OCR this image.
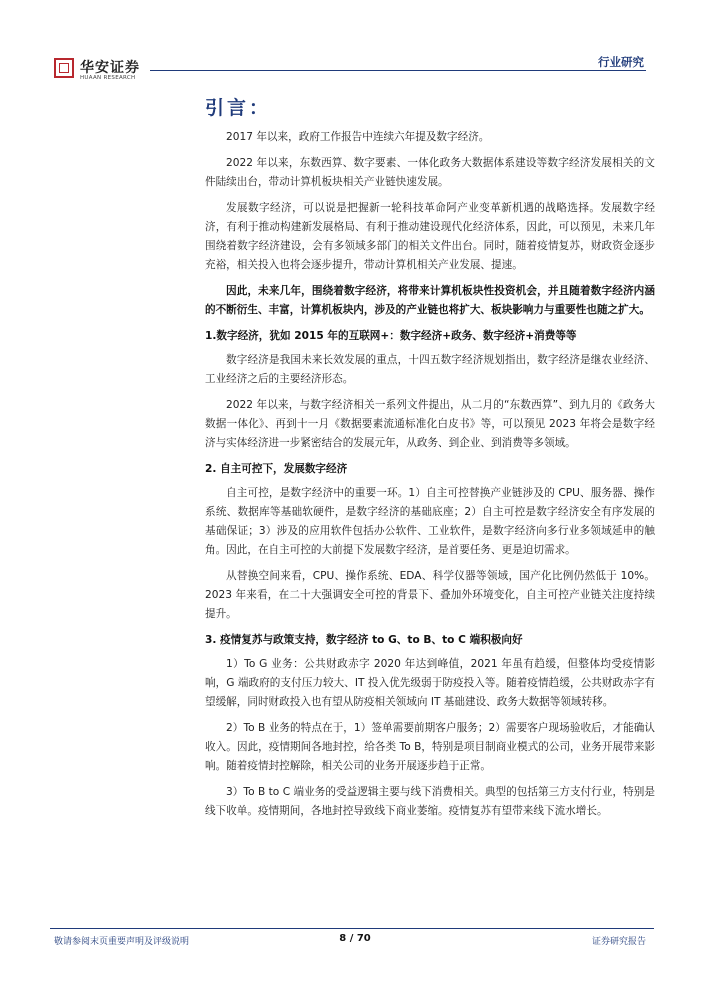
华安证券
HUAAN RESEARCH
行业研究
引言：

2017 年以来，政府工作报告中连续六年提及数字经济。

2022 年以来，东数西算、数字要素、一体化政务大数据体系建设等数字经济发展相关的文件陆续出台，带动计算机板块相关产业链快速发展。

发展数字经济，可以说是把握新一轮科技革命阿产业变革新机遇的战略选择。发展数字经济，有利于推动构建新发展格局、有利于推动建设现代化经济体系，因此，可以预见，未来几年围绕着数字经济建设，会有多领域多部门的相关文件出台。同时，随着疫情复苏，财政资金逐步充裕，相关投入也将会逐步提升，带动计算机相关产业发展、提速。

因此，未来几年，围绕着数字经济，将带来计算机板块性投资机会，并且随着数字经济内涵的不断衍生、丰富，计算机板块内，涉及的产业链也将扩大、板块影响力与重要性也随之扩大。

1.数字经济，犹如 2015 年的互联网+：数字经济+政务、数字经济+消费等等

数字经济是我国未来长效发展的重点，十四五数字经济规划指出，数字经济是继农业经济、工业经济之后的主要经济形态。

2022 年以来，与数字经济相关一系列文件提出，从二月的“东数西算”、到九月的《政务大数据一体化》、再到十一月《数据要素流通标准化白皮书》等，可以预见 2023 年将会是数字经济与实体经济进一步紧密结合的发展元年，从政务、到企业、到消费等多领域。

2. 自主可控下，发展数字经济

自主可控，是数字经济中的重要一环。1）自主可控替换产业链涉及的 CPU、服务器、操作系统、数据库等基础软硬件，是数字经济的基础底座；2）自主可控是数字经济安全有序发展的基础保证；3）涉及的应用软件包括办公软件、工业软件，是数字经济向多行业多领域延申的触角。因此，在自主可控的大前提下发展数字经济，是首要任务、更是迫切需求。

从替换空间来看，CPU、操作系统、EDA、科学仪器等领域，国产化比例仍然低于 10%。2023 年来看，在二十大强调安全可控的背景下、叠加外环境变化，自主可控产业链关注度持续提升。

3. 疫情复苏与政策支持，数字经济 to G、to B、to C 端积极向好

1）To G 业务：公共财政赤字 2020 年达到峰值，2021 年虽有趋缓，但整体均受疫情影响，G 端政府的支付压力较大、IT 投入优先级弱于防疫投入等。随着疫情趋缓，公共财政赤字有望缓解，同时财政投入也有望从防疫相关领域向 IT 基础建设、政务大数据等领域转移。

2）To B 业务的特点在于，1）签单需要前期客户服务；2）需要客户现场验收后，才能确认收入。因此，疫情期间各地封控，给各类 To B，特别是项目制商业模式的公司，业务开展带来影响。随着疫情封控解除，相关公司的业务开展逐步趋于正常。

3）To B to C 端业务的受益逻辑主要与线下消费相关。典型的包括第三方支付行业，特别是线下收单。疫情期间，各地封控导致线下商业萎缩。疫情复苏有望带来线下流水增长。

敬请参阅末页重要声明及评级说明	8 / 70	证券研究报告
